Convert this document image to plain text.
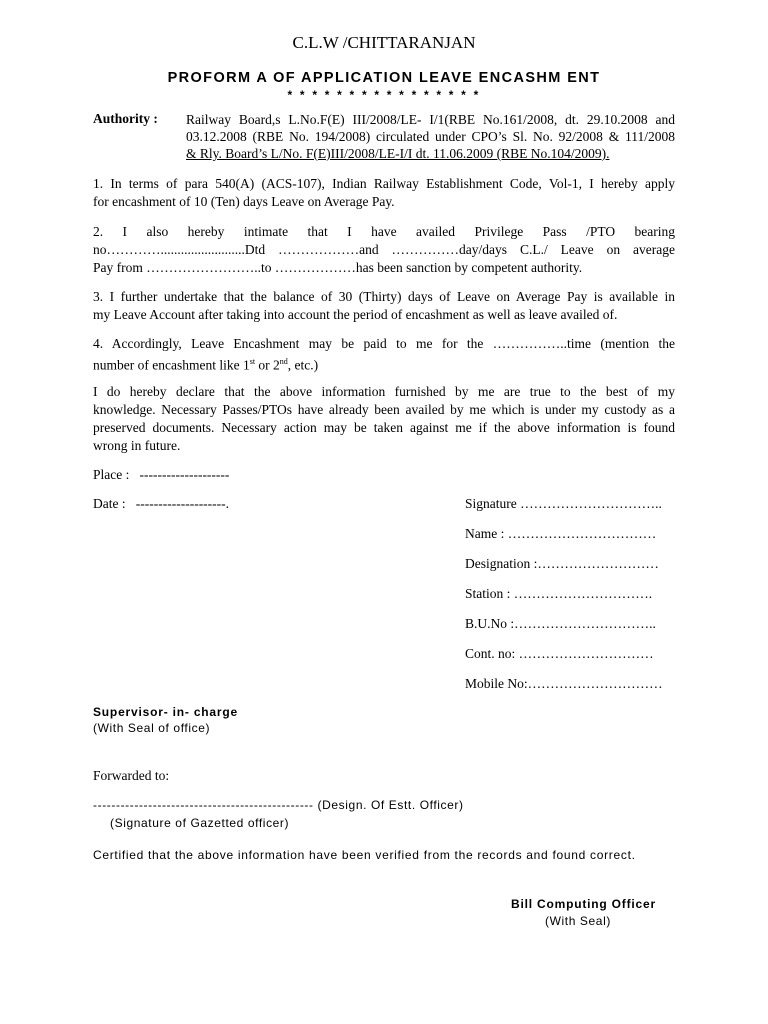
C.L.W /CHITTARANJAN
PROFORM A OF APPLICATION LEAVE ENCASHM ENT
* * * * * * * * * * * * * * * *
Authority : Railway Board,s L.No.F(E) III/2008/LE- I/1(RBE No.161/2008, dt. 29.10.2008 and
03.12.2008 (RBE No. 194/2008) circulated under CPO’s Sl. No. 92/2008 & 111/2008
& Rly. Board’s L/No. F(E)III/2008/LE-I/I dt. 11.06.2009 (RBE No.104/2009).
1. In terms of para 540(A) (ACS-107), Indian Railway Establishment Code, Vol-1, I hereby apply
for encashment of 10 (Ten) days Leave on Average Pay.
2. I also hereby intimate that I have availed Privilege Pass /PTO bearing
no………….........................Dtd ………………and ……………day/days C.L./ Leave on average
Pay from ……………………..to ………………has been sanction by competent authority.
3. I further undertake that the balance of 30 (Thirty) days of Leave on Average Pay is available in
my Leave Account after taking into account the period of encashment as well as leave availed of.
4. Accordingly, Leave Encashment may be paid to me for the ……………..time (mention the
number of encashment like 1st or 2nd, etc.)
I do hereby declare that the above information furnished by me are true to the best of my
knowledge. Necessary Passes/PTOs have already been availed by me which is under my custody as a
preserved documents. Necessary action may be taken against me if the above information is found
wrong in future.
Place : --------------------
Date : --------------------.	Signature …………………………..
Name : ……………………………
Designation :………………………
Station : ………………………….
B.U.No :…………………………..
Cont. no: …………………………
Mobile No:…………………………
Supervisor- in- charge
(With Seal of office)
Forwarded to:
------------------------------------------------ (Design. Of Estt. Officer)
(Signature of Gazetted officer)
Certified that the above information have been verified from the records and found correct.
Bill Computing Officer
(With Seal)
